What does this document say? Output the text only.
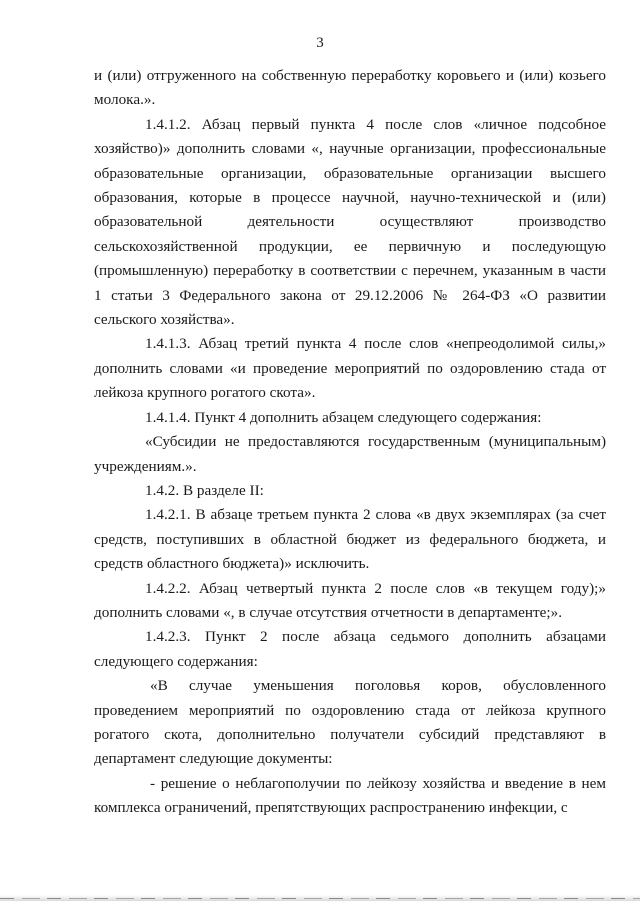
3

и (или) отгруженного на собственную переработку коровьего и (или) козьего молока.».

1.4.1.2. Абзац первый пункта 4 после слов «личное подсобное хозяйство)» дополнить словами «, научные организации, профессиональные образовательные организации, образовательные организации высшего образования, которые в процессе научной, научно-технической и (или) образовательной деятельности осуществляют производство сельскохозяйственной продукции, ее первичную и последующую (промышленную) переработку в соответствии с перечнем, указанным в части 1 статьи 3 Федерального закона от 29.12.2006 № 264-ФЗ «О развитии сельского хозяйства».

1.4.1.3. Абзац третий пункта 4 после слов «непреодолимой силы,» дополнить словами «и проведение мероприятий по оздоровлению стада от лейкоза крупного рогатого скота».

1.4.1.4. Пункт 4 дополнить абзацем следующего содержания:

«Субсидии не предоставляются государственным (муниципальным) учреждениям.».

1.4.2. В разделе II:

1.4.2.1. В абзаце третьем пункта 2 слова «в двух экземплярах (за счет средств, поступивших в областной бюджет из федерального бюджета, и средств областного бюджета)» исключить.

1.4.2.2. Абзац четвертый пункта 2 после слов «в текущем году);» дополнить словами «, в случае отсутствия отчетности в департаменте;».

1.4.2.3. Пункт 2 после абзаца седьмого дополнить абзацами следующего содержания:

«В случае уменьшения поголовья коров, обусловленного проведением мероприятий по оздоровлению стада от лейкоза крупного рогатого скота, дополнительно получатели субсидий представляют в департамент следующие документы:

- решение о неблагополучии по лейкозу хозяйства и введение в нем комплекса ограничений, препятствующих распространению инфекции, с
